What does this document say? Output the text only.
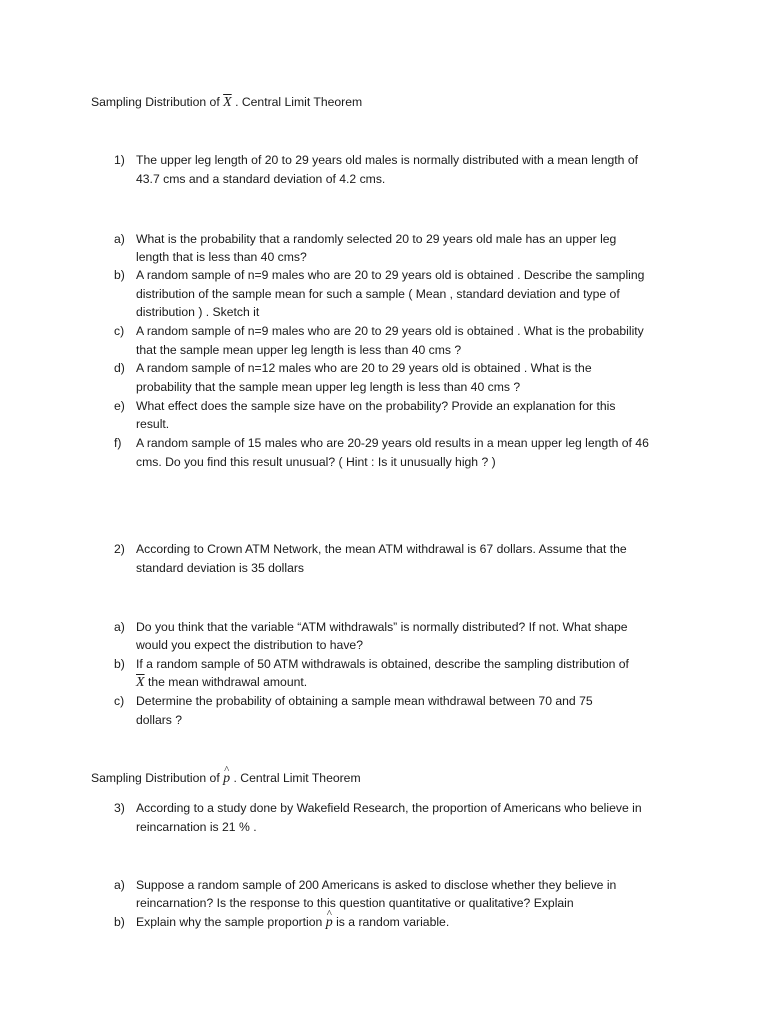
Sampling Distribution of $\overline{X}$ . Central Limit Theorem
1) The upper leg length of 20 to 29 years old males is normally distributed with a mean length of
43.7 cms and a standard deviation of 4.2 cms.
a) What is the probability that a randomly selected 20 to 29 years old male has an upper leg
length that is less than 40 cms?
b) A random sample of n=9 males who are 20 to 29 years old is obtained . Describe the sampling
distribution of the sample mean for such a sample ( Mean , standard deviation and type of
distribution ) . Sketch it
c) A random sample of n=9 males who are 20 to 29 years old is obtained . What is the probability
that the sample mean upper leg length is less than 40 cms ?
d) A random sample of n=12 males who are 20 to 29 years old is obtained . What is the
probability that the sample mean upper leg length is less than 40 cms ?
e) What effect does the sample size have on the probability? Provide an explanation for this
result.
f) A random sample of 15 males who are 20-29 years old results in a mean upper leg length of 46
cms. Do you find this result unusual? ( Hint : Is it unusually high ? )
2) According to Crown ATM Network, the mean ATM withdrawal is 67 dollars. Assume that the
standard deviation is 35 dollars
a) Do you think that the variable “ATM withdrawals” is normally distributed? If not. What shape
would you expect the distribution to have?
b) If a random sample of 50 ATM withdrawals is obtained, describe the sampling distribution of
$\overline{X}$ the mean withdrawal amount.
c) Determine the probability of obtaining a sample mean withdrawal between 70 and 75
dollars ?
Sampling Distribution of ^ p . Central Limit Theorem
3) According to a study done by Wakefield Research, the proportion of Americans who believe in
reincarnation is 21 % .
a) Suppose a random sample of 200 Americans is asked to disclose whether they believe in
reincarnation? Is the response to this question quantitative or qualitative? Explain
b) Explain why the sample proportion ^ p is a random variable.
